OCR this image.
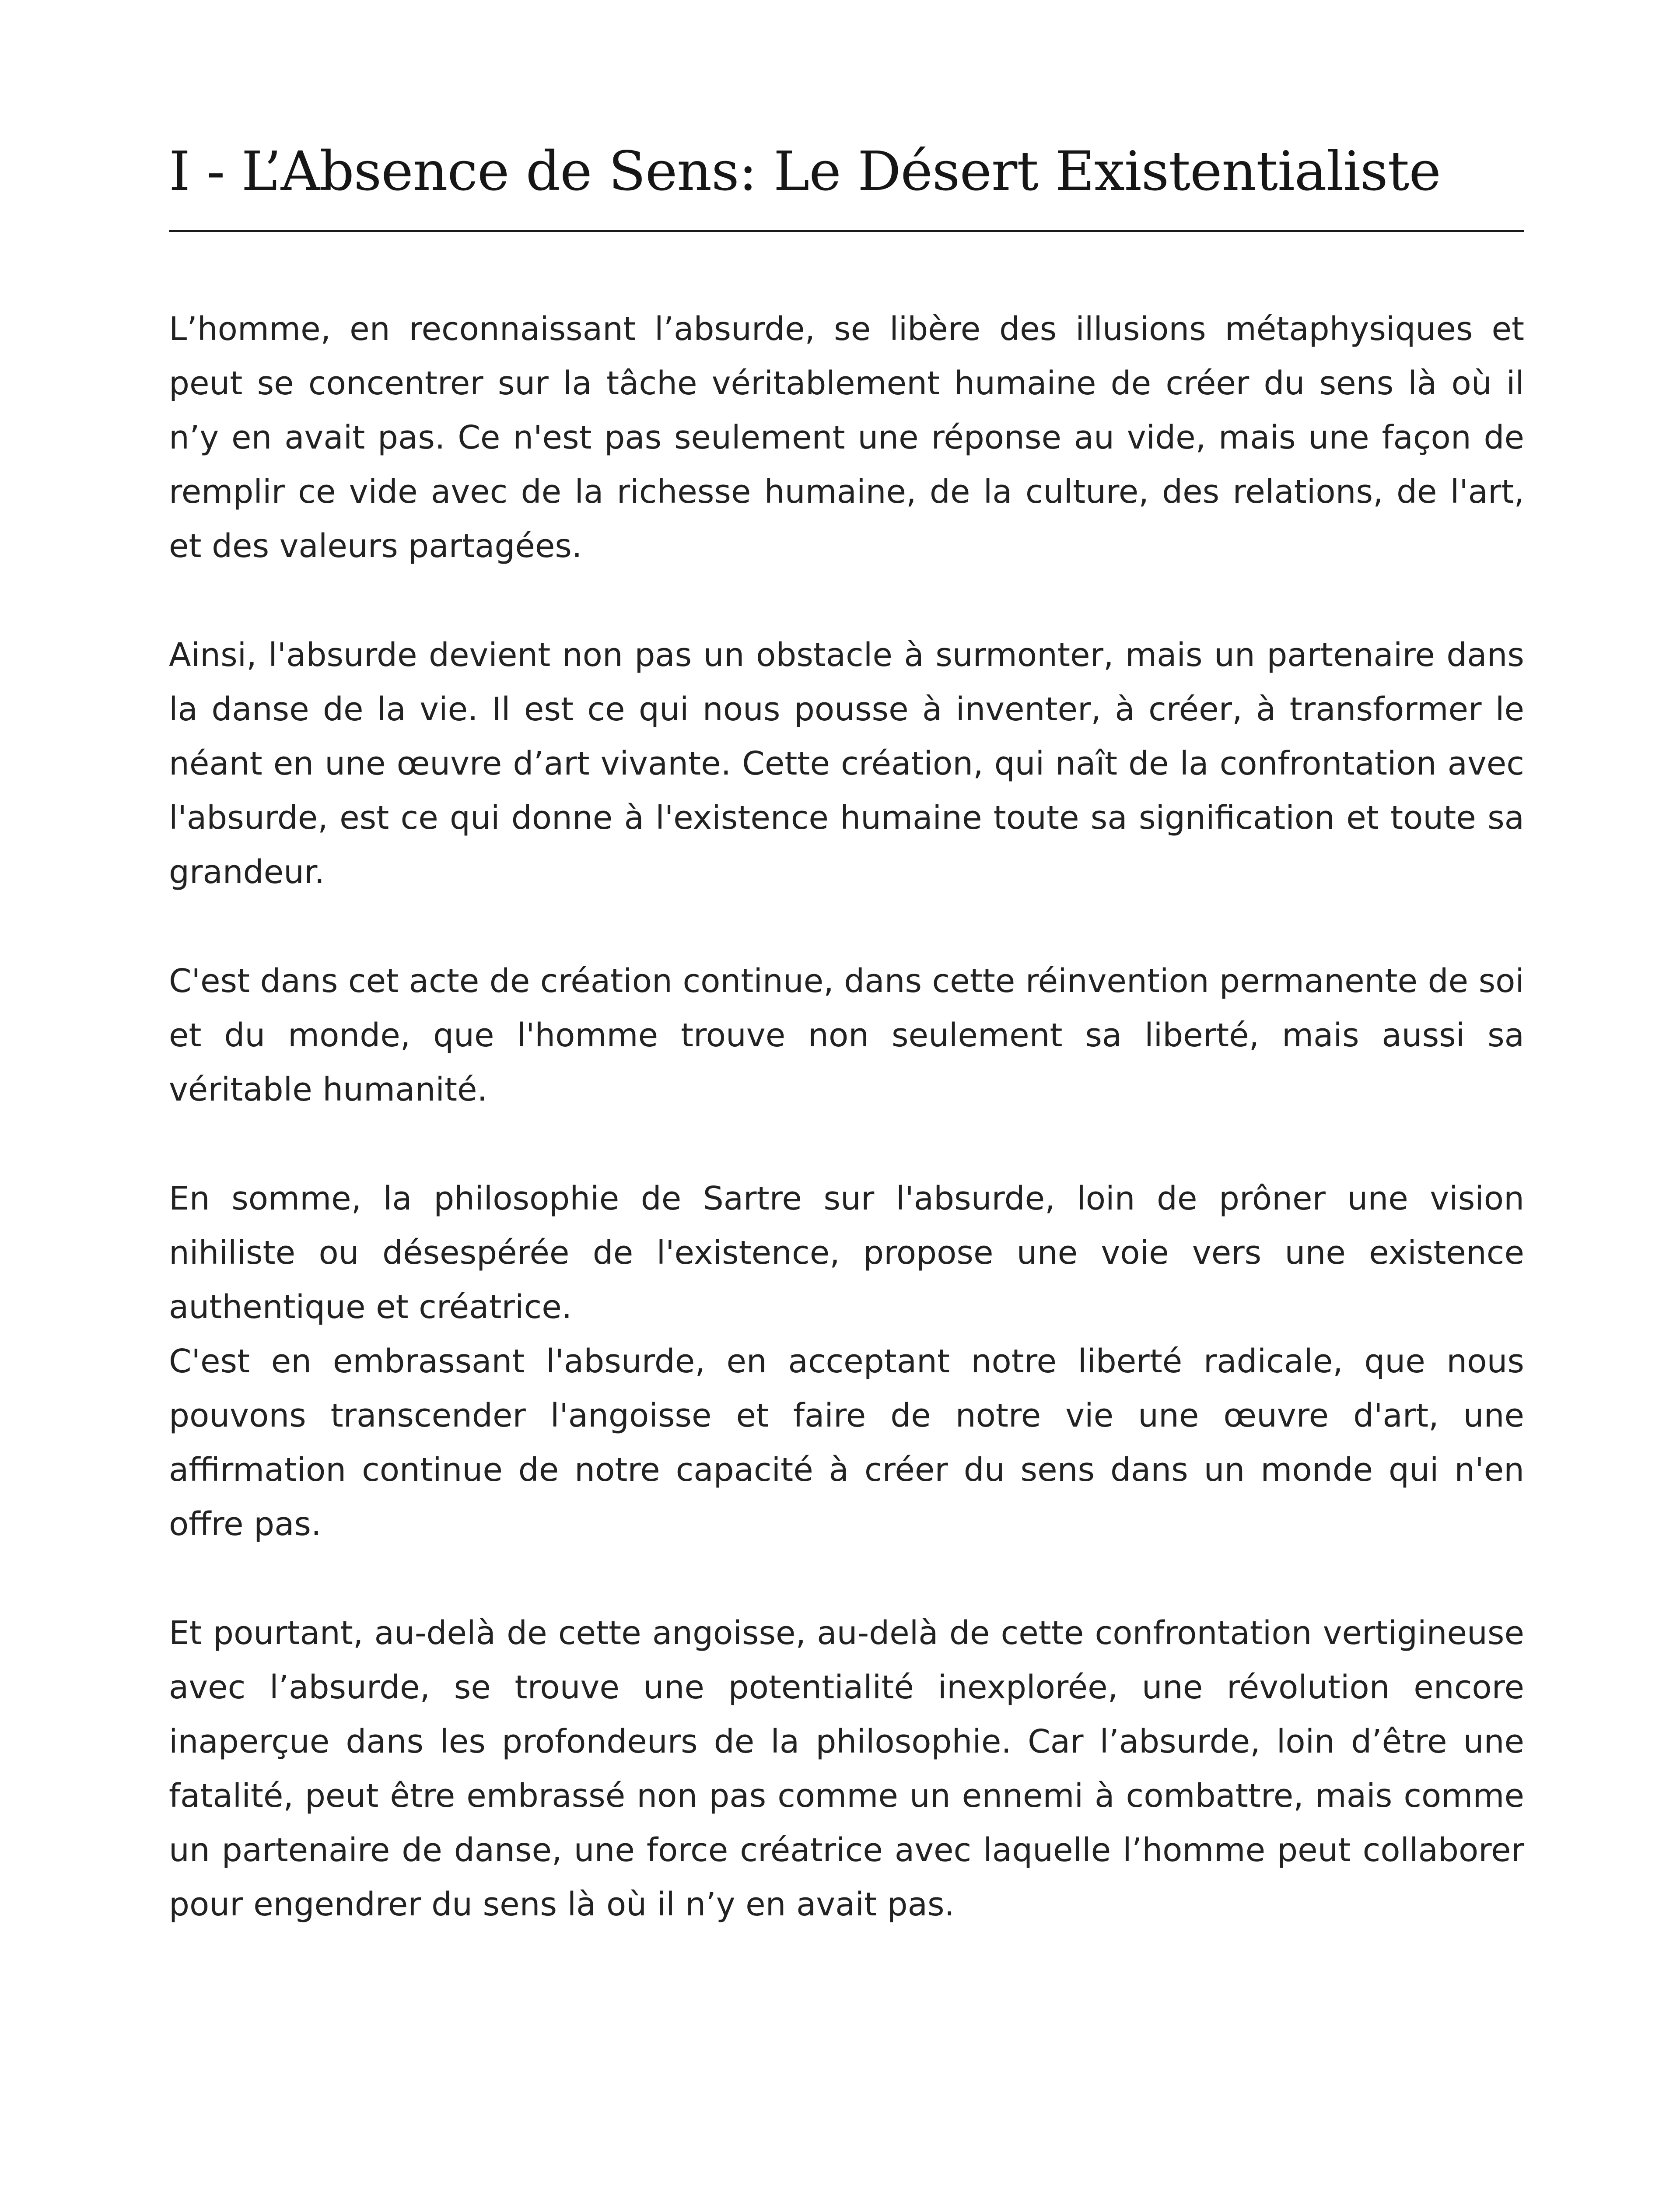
I - L’Absence de Sens: Le Désert Existentialiste

L’homme, en reconnaissant l’absurde, se libère des illusions métaphysiques et peut se concentrer sur la tâche véritablement humaine de créer du sens là où il n’y en avait pas. Ce n'est pas seulement une réponse au vide, mais une façon de remplir ce vide avec de la richesse humaine, de la culture, des relations, de l'art, et des valeurs partagées.

Ainsi, l'absurde devient non pas un obstacle à surmonter, mais un partenaire dans la danse de la vie. Il est ce qui nous pousse à inventer, à créer, à transformer le néant en une œuvre d’art vivante. Cette création, qui naît de la confrontation avec l'absurde, est ce qui donne à l'existence humaine toute sa signification et toute sa grandeur.

C'est dans cet acte de création continue, dans cette réinvention permanente de soi et du monde, que l'homme trouve non seulement sa liberté, mais aussi sa véritable humanité.

En somme, la philosophie de Sartre sur l'absurde, loin de prôner une vision nihiliste ou désespérée de l'existence, propose une voie vers une existence authentique et créatrice.
C'est en embrassant l'absurde, en acceptant notre liberté radicale, que nous pouvons transcender l'angoisse et faire de notre vie une œuvre d'art, une affirmation continue de notre capacité à créer du sens dans un monde qui n'en offre pas.

Et pourtant, au-delà de cette angoisse, au-delà de cette confrontation vertigineuse avec l’absurde, se trouve une potentialité inexplorée, une révolution encore inaperçue dans les profondeurs de la philosophie. Car l’absurde, loin d’être une fatalité, peut être embrassé non pas comme un ennemi à combattre, mais comme un partenaire de danse, une force créatrice avec laquelle l’homme peut collaborer pour engendrer du sens là où il n’y en avait pas.
